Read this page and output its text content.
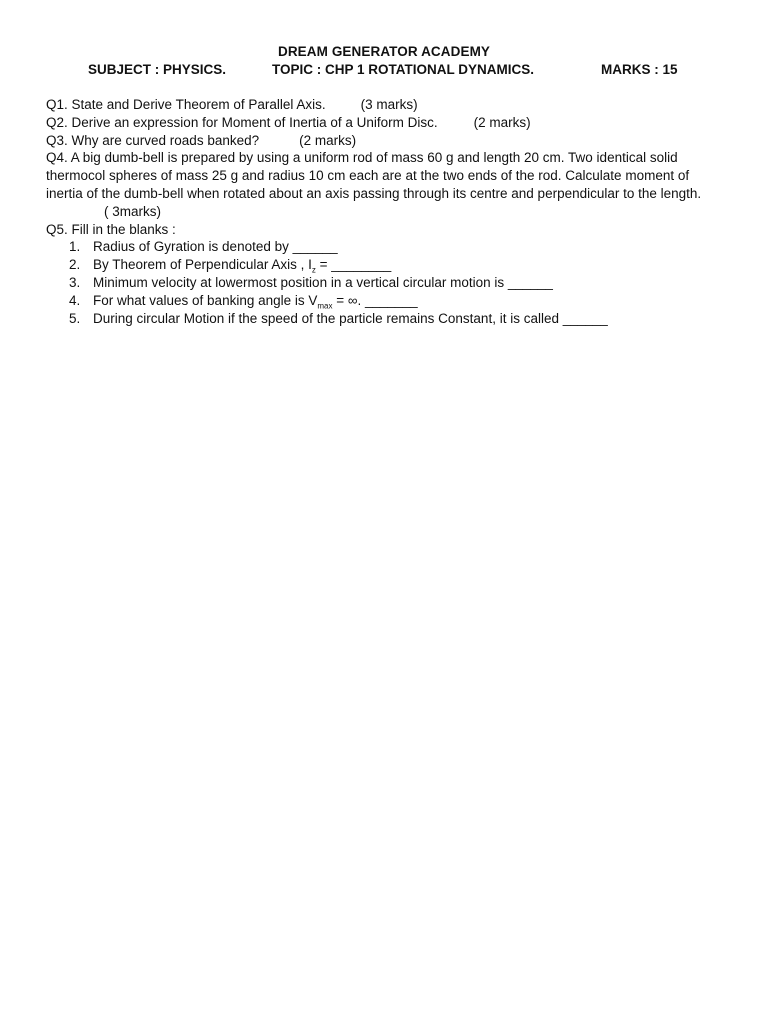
DREAM GENERATOR ACADEMY
SUBJECT : PHYSICS.	TOPIC : CHP 1 ROTATIONAL DYNAMICS.	MARKS : 15
Q1. State and Derive Theorem of Parallel Axis.	(3 marks)
Q2. Derive an expression for Moment of Inertia of a Uniform Disc.	(2 marks)
Q3. Why are curved roads banked?	(2 marks)
Q4. A big dumb-bell is prepared by using a uniform rod of mass 60 g and length 20 cm. Two identical solid thermocol spheres of mass 25 g and radius 10 cm each are at the two ends of the rod. Calculate moment of inertia of the dumb-bell when rotated about an axis passing through its centre and perpendicular to the length.( 3marks)
Q5. Fill in the blanks :
1. Radius of Gyration is denoted by ______
2. By Theorem of Perpendicular Axis , $I_z$ = ________
3. Minimum velocity at lowermost position in a vertical circular motion is ______
4. For what values of banking angle is $V_{max}$ = ∞. _______
5. During circular Motion if the speed of the particle remains Constant, it is called ______
